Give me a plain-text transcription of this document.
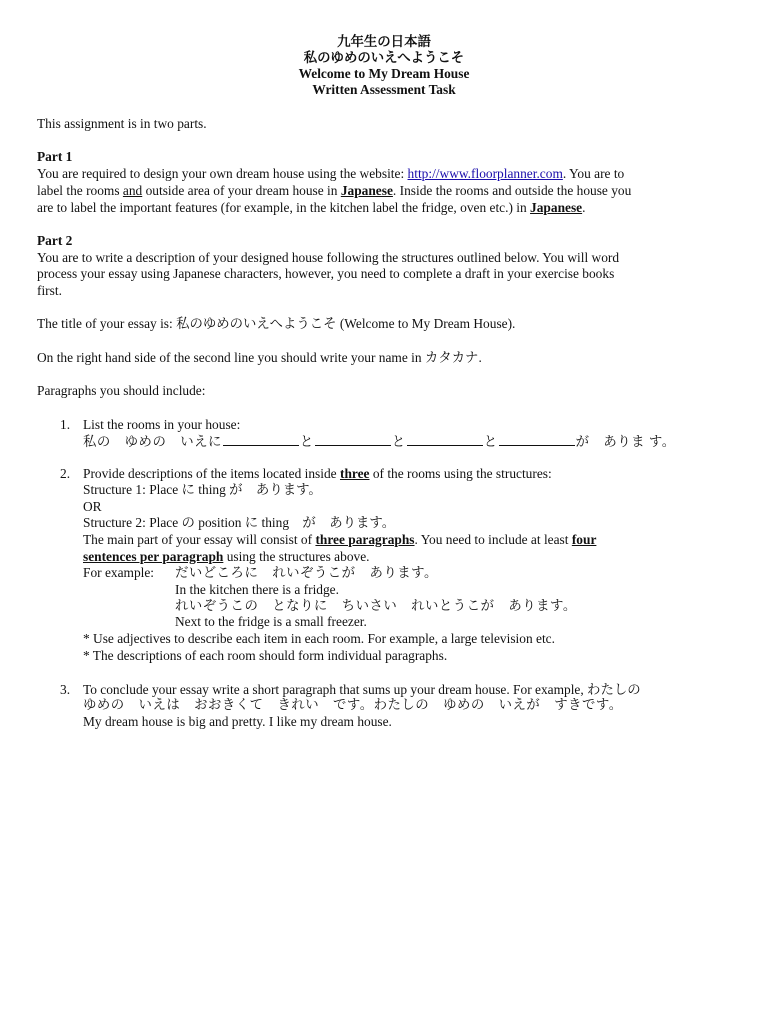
九年生の日本語
私のゆめのいえへようこそ
Welcome to My Dream House
Written Assessment Task
This assignment is in two parts.
Part 1
You are required to design your own dream house using the website: http://www.floorplanner.com. You are to
label the rooms and outside area of your dream house in Japanese. Inside the rooms and outside the house you
are to label the important features (for example, in the kitchen label the fridge, oven etc.) in Japanese.
Part 2
You are to write a description of your designed house following the structures outlined below. You will word
process your essay using Japanese characters, however, you need to complete a draft in your exercise books
first.
The title of your essay is: 私のゆめのいえへようこそ (Welcome to My Dream House).
On the right hand side of the second line you should write your name in カタカナ.
Paragraphs you should include:
1. List the rooms in your house:
私の　ゆめの　いえに	と	と	と	が　ありま す。
2. Provide descriptions of the items located inside three of the rooms using the structures:
Structure 1: Place に thing が　あります。
OR
Structure 2: Place の position に thing　が　あります。
The main part of your essay will consist of three paragraphs. You need to include at least four
sentences per paragraph using the structures above.
For example: だいどころに　れいぞうこが　あります。
In the kitchen there is a fridge.
れいぞうこの　となりに　ちいさい　れいとうこが　あります。
Next to the fridge is a small freezer.
* Use adjectives to describe each item in each room. For example, a large television etc.
* The descriptions of each room should form individual paragraphs.
3. To conclude your essay write a short paragraph that sums up your dream house. For example, わたしの
ゆめの　いえは　おおきくて　きれい　です。わたしの　ゆめの　いえが　すきです。
My dream house is big and pretty. I like my dream house.
